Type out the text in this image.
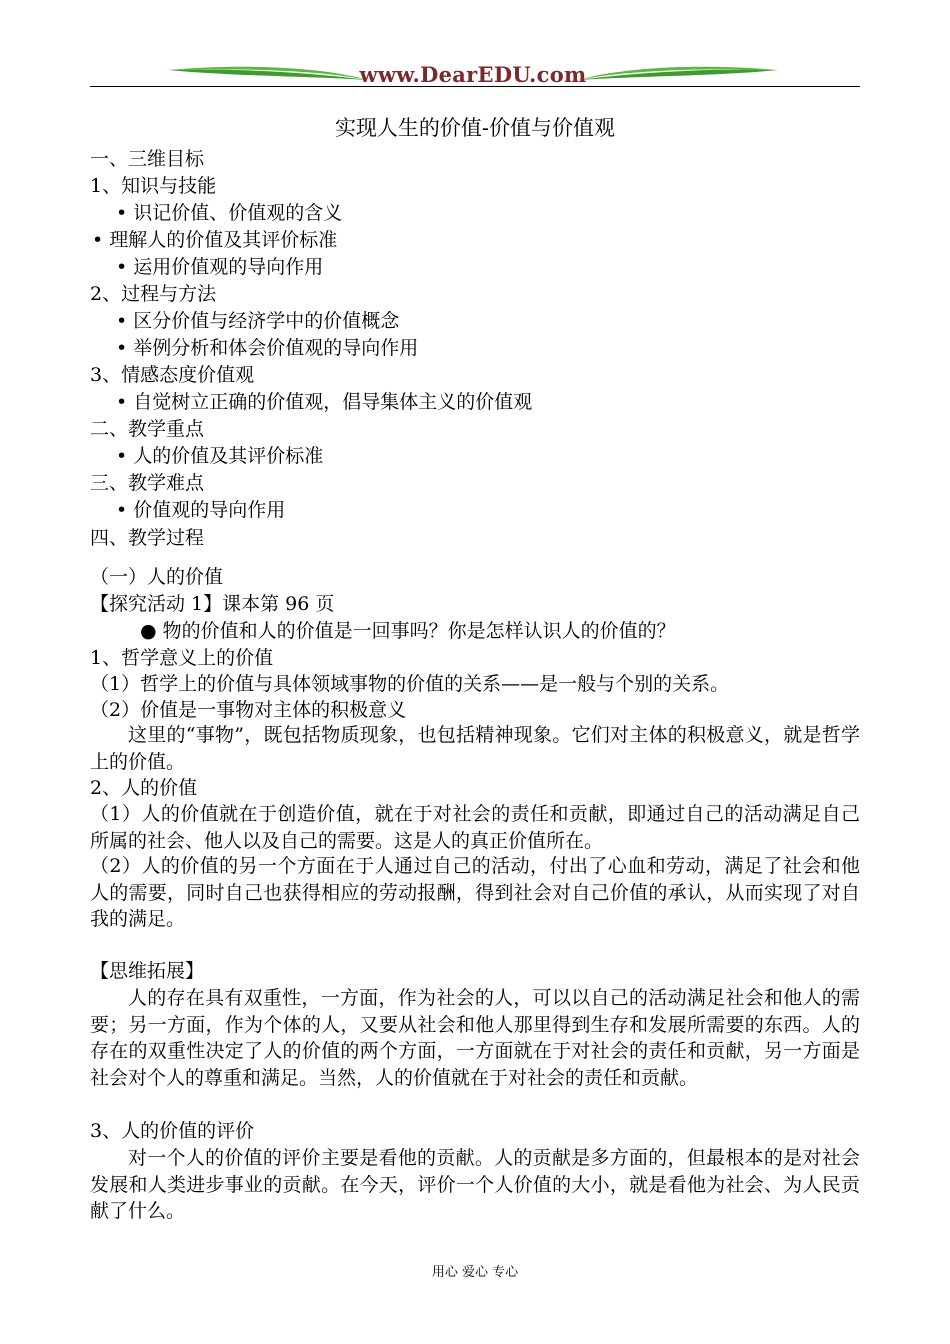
www.DearEDU.com
实现人生的价值-价值与价值观
一、三维目标
1、知识与技能
• 识记价值、价值观的含义
• 理解人的价值及其评价标准
• 运用价值观的导向作用
2、过程与方法
• 区分价值与经济学中的价值概念
• 举例分析和体会价值观的导向作用
3、情感态度价值观
• 自觉树立正确的价值观，倡导集体主义的价值观
二、教学重点
• 人的价值及其评价标准
三、教学难点
• 价值观的导向作用
四、教学过程
（一）人的价值
【探究活动 1】课本第 96 页
● 物的价值和人的价值是一回事吗？你是怎样认识人的价值的？
1、哲学意义上的价值
（1）哲学上的价值与具体领域事物的价值的关系——是一般与个别的关系。
（2）价值是一事物对主体的积极意义
这里的“事物”，既包括物质现象，也包括精神现象。它们对主体的积极意义，就是哲学上的价值。
2、人的价值
（1）人的价值就在于创造价值，就在于对社会的责任和贡献，即通过自己的活动满足自己所属的社会、他人以及自己的需要。这是人的真正价值所在。
（2）人的价值的另一个方面在于人通过自己的活动，付出了心血和劳动，满足了社会和他人的需要，同时自己也获得相应的劳动报酬，得到社会对自己价值的承认，从而实现了对自我的满足。
【思维拓展】
人的存在具有双重性，一方面，作为社会的人，可以以自己的活动满足社会和他人的需要；另一方面，作为个体的人，又要从社会和他人那里得到生存和发展所需要的东西。人的存在的双重性决定了人的价值的两个方面，一方面就在于对社会的责任和贡献，另一方面是社会对个人的尊重和满足。当然，人的价值就在于对社会的责任和贡献。
3、人的价值的评价
对一个人的价值的评价主要是看他的贡献。人的贡献是多方面的，但最根本的是对社会发展和人类进步事业的贡献。在今天，评价一个人价值的大小，就是看他为社会、为人民贡献了什么。
用心 爱心 专心
